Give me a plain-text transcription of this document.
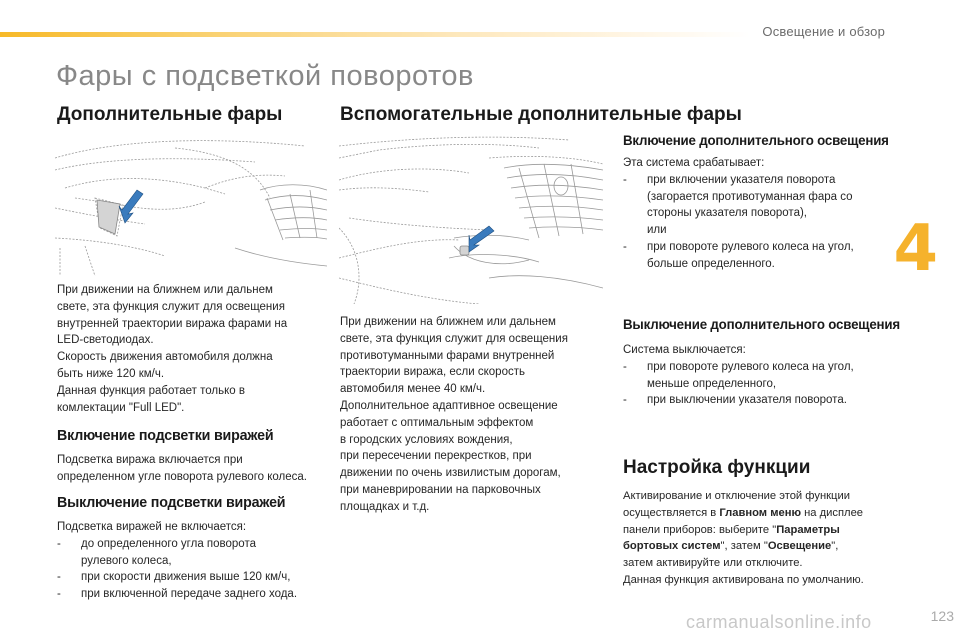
Освещение и обзор
4
Фары с подсветкой поворотов
Дополнительные фары

При движении на ближнем или дальнем

свете, эта функция служит для освещения

внутренней траектории виража фарами на

LED-светодиодах.

Скорость движения автомобиля должна

быть ниже 120 км/ч.

Данная функция работает только в

комлектации "Full LED".

Включение подсветки виражей

Подсветка виража включается при

определенном угле поворота рулевого колеса.

Выключение подсветки виражей

Подсветка виражей не включается:

-	до определенного угла поворота

рулевого колеса,

-	при скорости движения выше 120 км/ч,

-	при включенной передаче заднего хода.

Вспомогательные дополнительные фары

При движении на ближнем или дальнем

свете, эта функция служит для освещения

противотуманными фарами внутренней

траектории виража, если скорость

автомобиля менее 40 км/ч.

Дополнительное адаптивное освещение

работает с оптимальным эффектом

в городских условиях вождения,

при пересечении перекрестков, при

движении по очень извилистым дорогам,

при маневрировании на парковочных

площадках и т.д.

Включение дополнительного освещения

Эта система срабатывает:

-	при включении указателя поворота

(загорается противотуманная фара со

стороны указателя поворота),

или

-	при повороте рулевого колеса на угол,

больше определенного.

Выключение дополнительного освещения

Система выключается:

-	при повороте рулевого колеса на угол,

меньше определенного,

-	при выключении указателя поворота.

Настройка функции

Активирование и отключение этой функции

осуществляется в Главном меню на дисплее

панели приборов: выберите "Параметры

бортовых систем", затем "Освещение",

затем активируйте или отключите.

Данная функция активирована по умолчанию.

123
carmanualsonline.info
